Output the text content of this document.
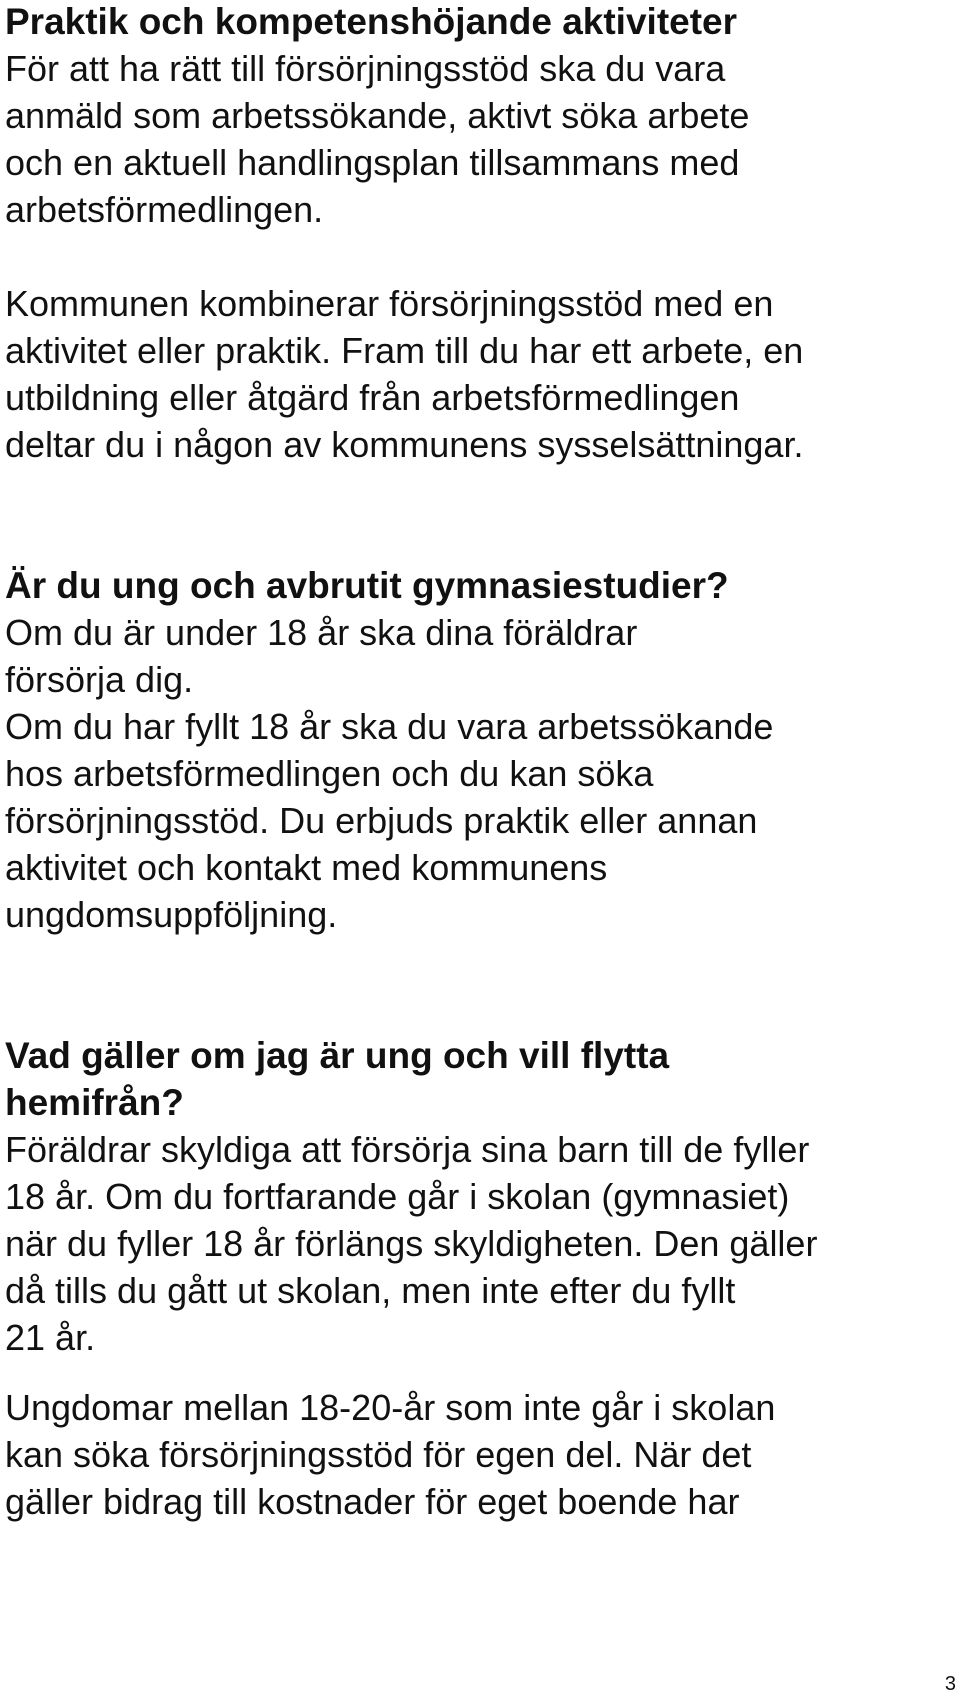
Praktik och kompetenshöjande aktiviteter

För att ha rätt till försörjningsstöd ska du vara
anmäld som arbetssökande, aktivt söka arbete
och en aktuell handlingsplan tillsammans med
arbetsförmedlingen.

Kommunen kombinerar försörjningsstöd med en
aktivitet eller praktik. Fram till du har ett arbete, en
utbildning eller åtgärd från arbetsförmedlingen
deltar du i någon av kommunens sysselsättningar.

Är du ung och avbrutit gymnasiestudier?

Om du är under 18 år ska dina föräldrar
försörja dig.
Om du har fyllt 18 år ska du vara arbetssökande
hos arbetsförmedlingen och du kan söka
försörjningsstöd. Du erbjuds praktik eller annan
aktivitet och kontakt med kommunens
ungdomsuppföljning.

Vad gäller om jag är ung och vill flytta
hemifrån?

Föräldrar skyldiga att försörja sina barn till de fyller
18 år. Om du fortfarande går i skolan (gymnasiet)
när du fyller 18 år förlängs skyldigheten. Den gäller
då tills du gått ut skolan, men inte efter du fyllt
21 år.

Ungdomar mellan 18-20-år som inte går i skolan
kan söka försörjningsstöd för egen del. När det
gäller bidrag till kostnader för eget boende har

3
